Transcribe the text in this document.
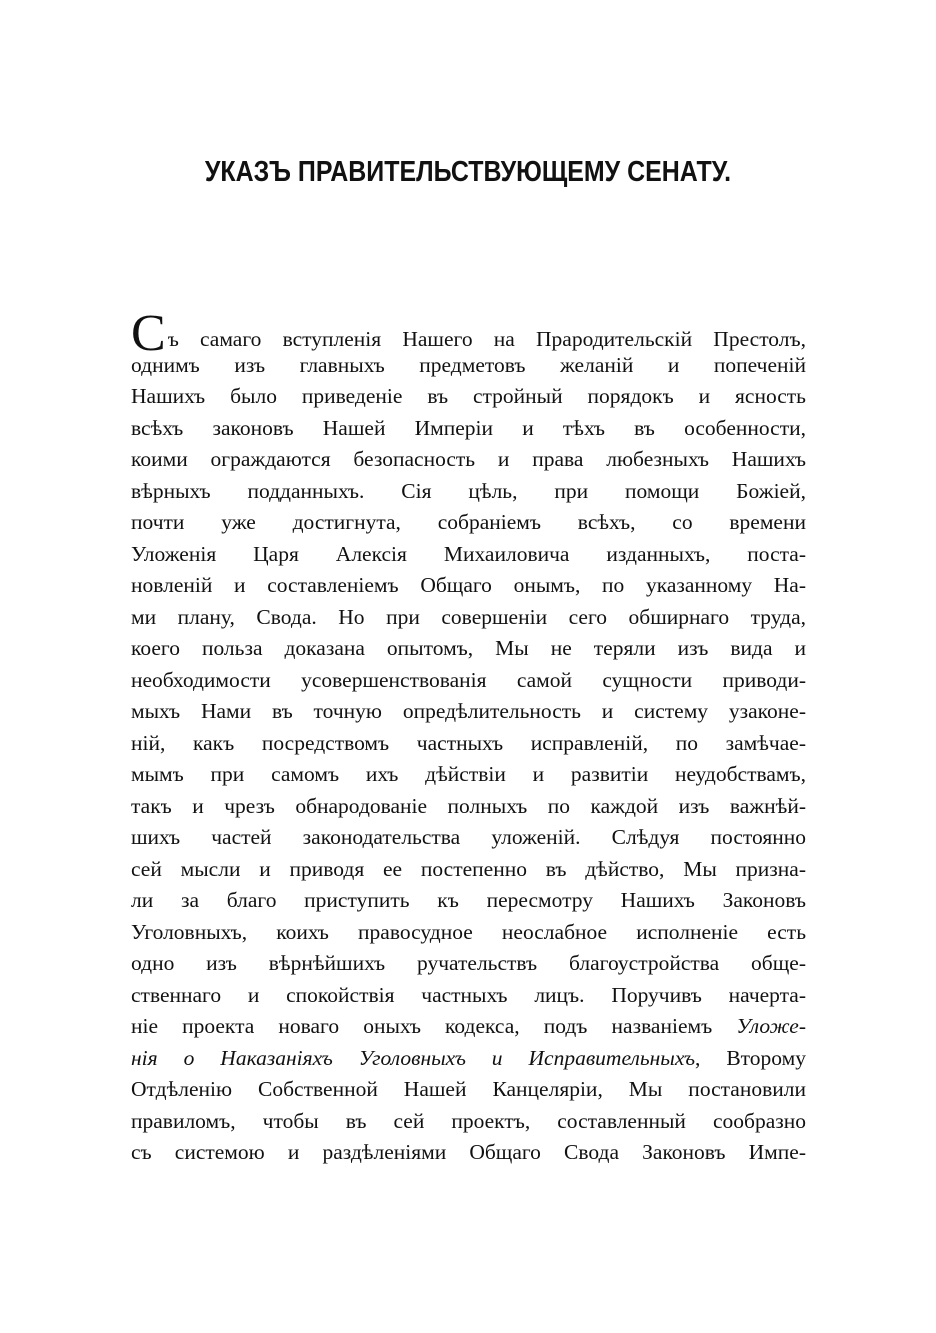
УКАЗЪ ПРАВИТЕЛЬСТВУЮЩЕМУ СЕНАТУ.
Съ самаго вступленія Нашего на Прародительскій Престолъ,
однимъ изъ главныхъ предметовъ желаній и попеченій
Нашихъ было приведеніе въ стройный порядокъ и ясность
всѣхъ законовъ Нашей Имперіи и тѣхъ въ особенности,
коими ограждаются безопасность и права любезныхъ Нашихъ
вѣрныхъ подданныхъ. Сія цѣль, при помощи Божіей,
почти уже достигнута, собраніемъ всѣхъ, со времени
Уложенія Царя Алексія Михаиловича изданныхъ, поста-
новленій и составленіемъ Общаго онымъ, по указанному На-
ми плану, Свода. Но при совершеніи сего обширнаго труда,
коего польза доказана опытомъ, Мы не теряли изъ вида и
необходимости усовершенствованія самой сущности приводи-
мыхъ Нами въ точную опредѣлительность и систему узаконе-
ній, какъ посредствомъ частныхъ исправленій, по замѣчае-
мымъ при самомъ ихъ дѣйствіи и развитіи неудобствамъ,
такъ и чрезъ обнародованіе полныхъ по каждой изъ важнѣй-
шихъ частей законодательства уложеній. Слѣдуя постоянно
сей мысли и приводя ее постепенно въ дѣйство, Мы призна-
ли за благо приступить къ пересмотру Нашихъ Законовъ
Уголовныхъ, коихъ правосудное неослабное исполненіе есть
одно изъ вѣрнѣйшихъ ручательствъ благоустройства обще-
ственнаго и спокойствія частныхъ лицъ. Поручивъ начерта-
ніе проекта новаго оныхъ кодекса, подъ названіемъ Уложе-
нія о Наказаніяхъ Уголовныхъ и Исправительныхъ, Второму
Отдѣленію Собственной Нашей Канцеляріи, Мы постановили
правиломъ, чтобы въ сей проектъ, составленный сообразно
съ системою и раздѣленіями Общаго Свода Законовъ Импе-
